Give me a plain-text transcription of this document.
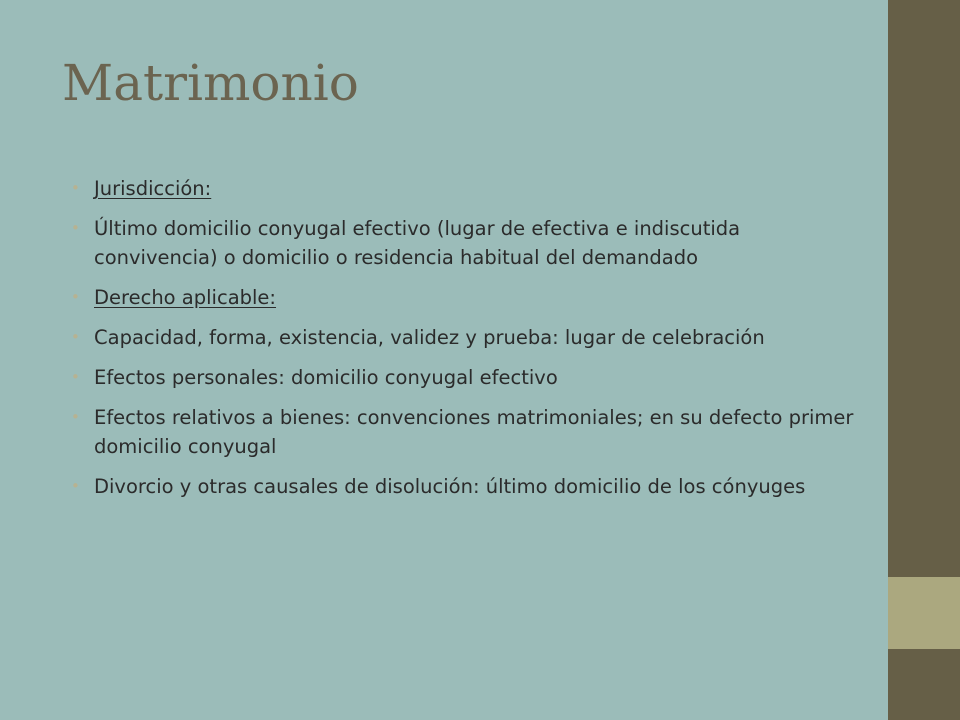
Matrimonio
• Jurisdicción:
• Último domicilio conyugal efectivo (lugar de efectiva e indiscutida convivencia) o domicilio o residencia habitual del demandado
• Derecho aplicable:
• Capacidad, forma, existencia, validez y prueba: lugar de celebración
• Efectos personales: domicilio conyugal efectivo
• Efectos relativos a bienes: convenciones matrimoniales; en su defecto primer domicilio conyugal
• Divorcio y otras causales de disolución: último domicilio de los cónyuges
